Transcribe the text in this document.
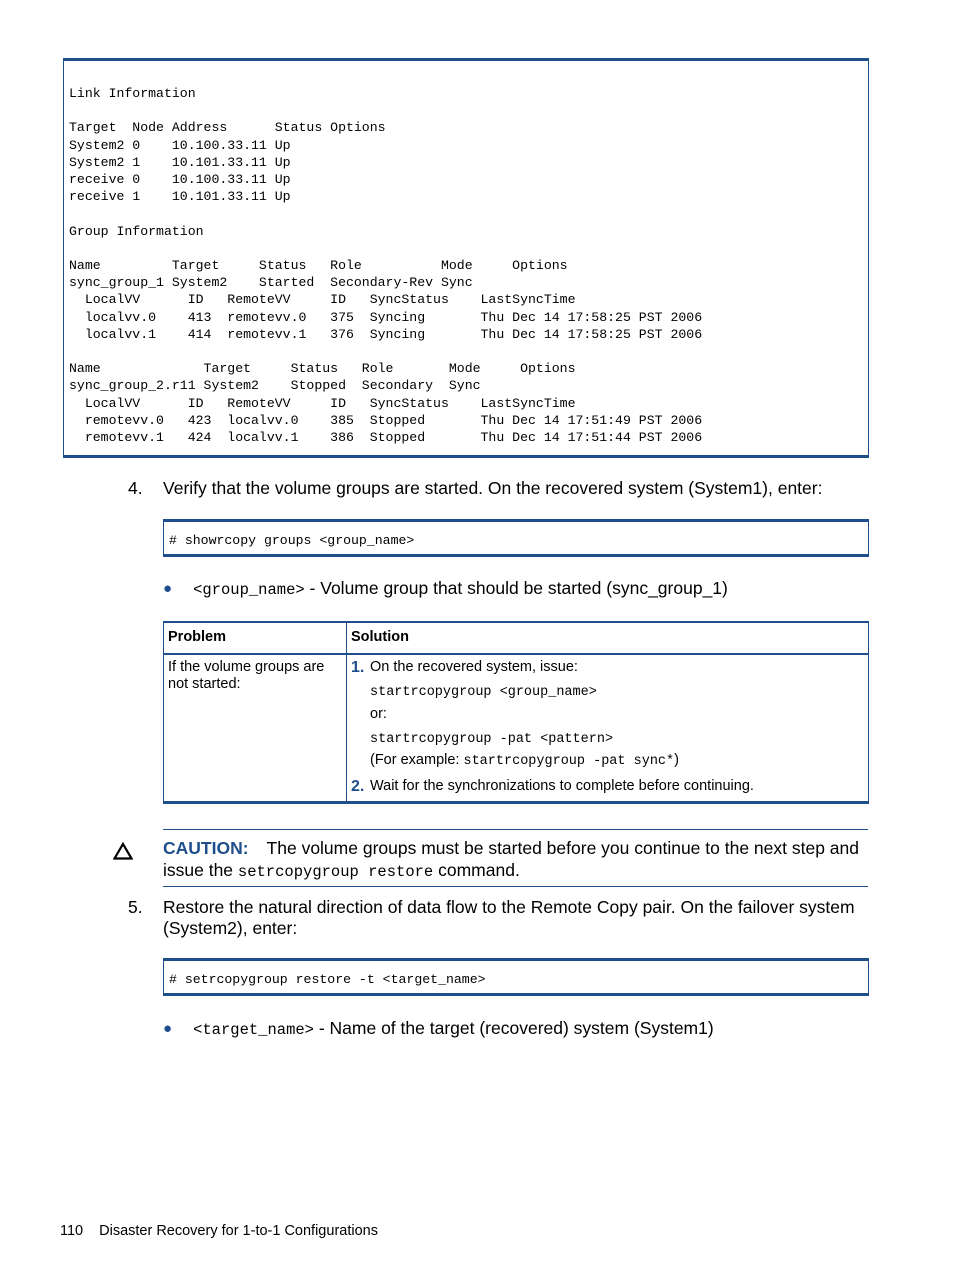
Link Information

Target  Node Address      Status Options
System2 0    10.100.33.11 Up
System2 1    10.101.33.11 Up
receive 0    10.100.33.11 Up
receive 1    10.101.33.11 Up

Group Information

Name         Target     Status   Role          Mode     Options
sync_group_1 System2    Started  Secondary-Rev Sync
LocalVV      ID   RemoteVV     ID   SyncStatus    LastSyncTime
localvv.0    413  remotevv.0   375  Syncing       Thu Dec 14 17:58:25 PST 2006
localvv.1    414  remotevv.1   376  Syncing       Thu Dec 14 17:58:25 PST 2006

Name             Target     Status   Role       Mode     Options
sync_group_2.r11 System2    Stopped  Secondary  Sync
LocalVV      ID   RemoteVV     ID   SyncStatus    LastSyncTime
remotevv.0   423  localvv.0    385  Stopped       Thu Dec 14 17:51:49 PST 2006
remotevv.1   424  localvv.1    386  Stopped       Thu Dec 14 17:51:44 PST 2006
4. Verify that the volume groups are started. On the recovered system (System1), enter:
# showrcopy groups <group_name>
● <group_name> - Volume group that should be started (sync_group_1)
Problem	Solution
If the volume groups are not started:
1. On the recovered system, issue:
startrcopygroup <group_name>
or:
startrcopygroup -pat <pattern>
(For example: startrcopygroup -pat sync*)
2. Wait for the synchronizations to complete before continuing.
CAUTION: The volume groups must be started before you continue to the next step and issue the setrcopygroup restore command.
5. Restore the natural direction of data flow to the Remote Copy pair. On the failover system (System2), enter:
# setrcopygroup restore -t <target_name>
● <target_name> - Name of the target (recovered) system (System1)
110 Disaster Recovery for 1-to-1 Configurations
